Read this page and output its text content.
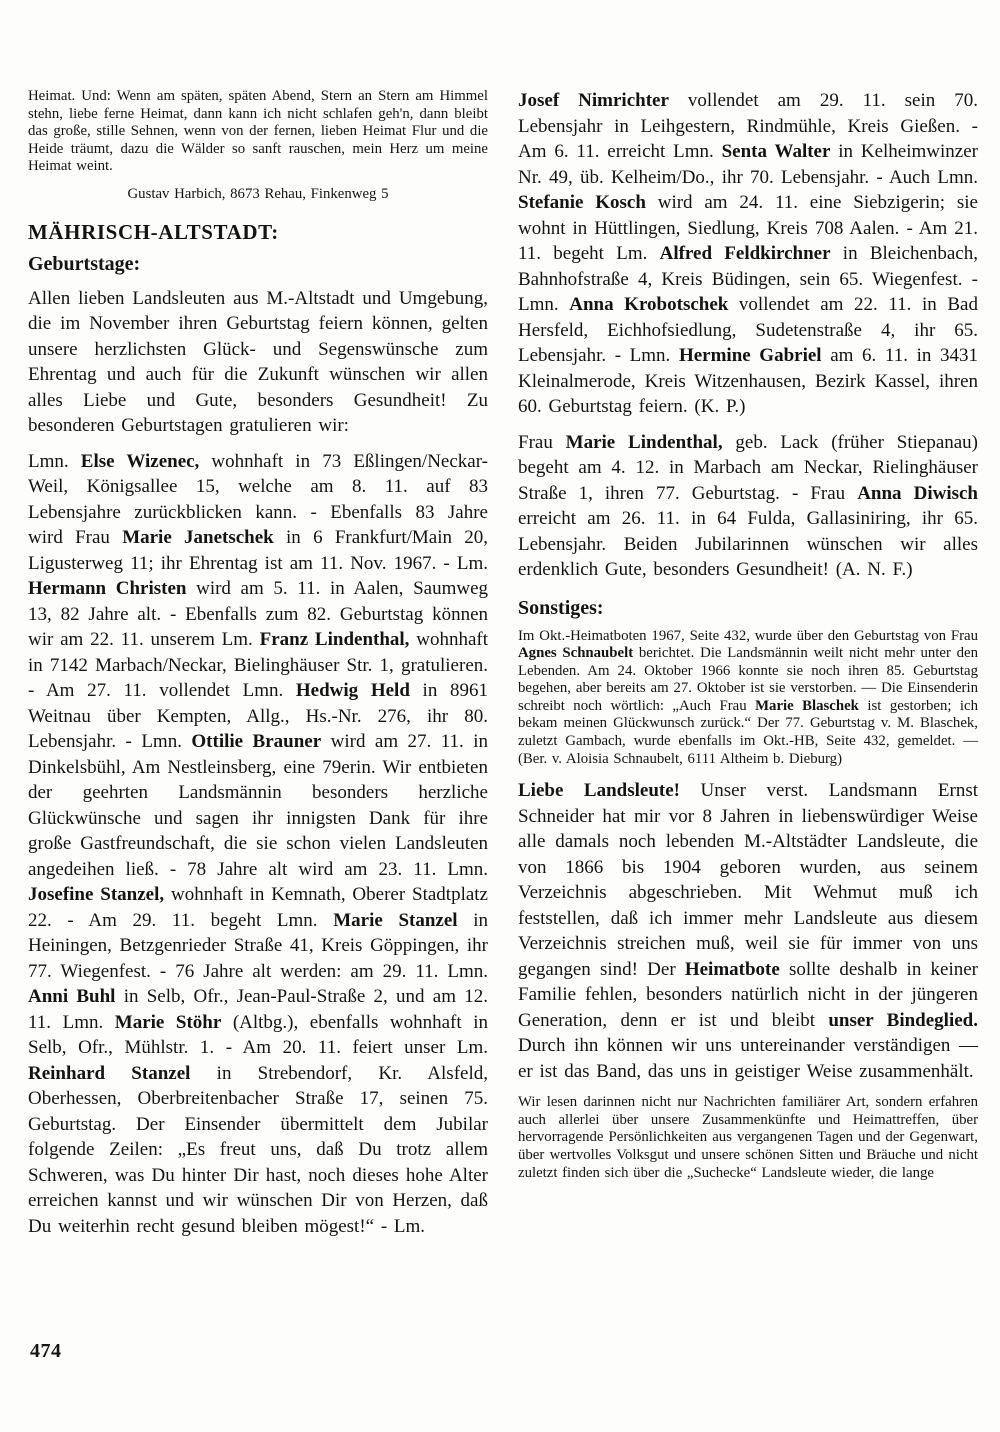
Heimat. Und: Wenn am späten, späten Abend, Stern an Stern am Himmel stehn, liebe ferne Heimat, dann kann ich nicht schlafen geh'n, dann bleibt das große, stille Sehnen, wenn von der fernen, lieben Heimat Flur und die Heide träumt, dazu die Wälder so sanft rauschen, mein Herz um meine Heimat weint.

Gustav Harbich, 8673 Rehau, Finkenweg 5

MÄHRISCH-ALTSTADT:
Geburtstage:

Allen lieben Landsleuten aus M.-Altstadt und Umgebung, die im November ihren Geburtstag feiern können, gelten unsere herzlichsten Glück- und Segenswünsche zum Ehrentag und auch für die Zukunft wünschen wir allen alles Liebe und Gute, besonders Gesundheit! Zu besonderen Geburtstagen gratulieren wir:

Lmn. Else Wizenec, wohnhaft in 73 Eßlingen/Neckar-Weil, Königsallee 15, welche am 8. 11. auf 83 Lebensjahre zurückblicken kann. - Ebenfalls 83 Jahre wird Frau Marie Janetschek in 6 Frankfurt/Main 20, Ligusterweg 11; ihr Ehrentag ist am 11. Nov. 1967. - Lm. Hermann Christen wird am 5. 11. in Aalen, Saumweg 13, 82 Jahre alt. - Ebenfalls zum 82. Geburtstag können wir am 22. 11. unserem Lm. Franz Lindenthal, wohnhaft in 7142 Marbach/Neckar, Bielinghäuser Str. 1, gratulieren. - Am 27. 11. vollendet Lmn. Hedwig Held in 8961 Weitnau über Kempten, Allg., Hs.-Nr. 276, ihr 80. Lebensjahr. - Lmn. Ottilie Brauner wird am 27. 11. in Dinkelsbühl, Am Nestleinsberg, eine 79erin. Wir entbieten der geehrten Landsmännin besonders herzliche Glückwünsche und sagen ihr innigsten Dank für ihre große Gastfreundschaft, die sie schon vielen Landsleuten angedeihen ließ. - 78 Jahre alt wird am 23. 11. Lmn. Josefine Stanzel, wohnhaft in Kemnath, Oberer Stadtplatz 22. - Am 29. 11. begeht Lmn. Marie Stanzel in Heiningen, Betzgenrieder Straße 41, Kreis Göppingen, ihr 77. Wiegenfest. - 76 Jahre alt werden: am 29. 11. Lmn. Anni Buhl in Selb, Ofr., Jean-Paul-Straße 2, und am 12. 11. Lmn. Marie Stöhr (Altbg.), ebenfalls wohnhaft in Selb, Ofr., Mühlstr. 1. - Am 20. 11. feiert unser Lm. Reinhard Stanzel in Strebendorf, Kr. Alsfeld, Oberhessen, Oberbreitenbacher Straße 17, seinen 75. Geburtstag. Der Einsender übermittelt dem Jubilar folgende Zeilen: „Es freut uns, daß Du trotz allem Schweren, was Du hinter Dir hast, noch dieses hohe Alter erreichen kannst und wir wünschen Dir von Herzen, daß Du weiterhin recht gesund bleiben mögest!“ - Lm.

Josef Nimrichter vollendet am 29. 11. sein 70. Lebensjahr in Leihgestern, Rindmühle, Kreis Gießen. - Am 6. 11. erreicht Lmn. Senta Walter in Kelheimwinzer Nr. 49, üb. Kelheim/Do., ihr 70. Lebensjahr. - Auch Lmn. Stefanie Kosch wird am 24. 11. eine Siebzigerin; sie wohnt in Hüttlingen, Siedlung, Kreis 708 Aalen. - Am 21. 11. begeht Lm. Alfred Feldkirchner in Bleichenbach, Bahnhofstraße 4, Kreis Büdingen, sein 65. Wiegenfest. - Lmn. Anna Krobotschek vollendet am 22. 11. in Bad Hersfeld, Eichhofsiedlung, Sudetenstraße 4, ihr 65. Lebensjahr. - Lmn. Hermine Gabriel am 6. 11. in 3431 Kleinalmerode, Kreis Witzenhausen, Bezirk Kassel, ihren 60. Geburtstag feiern. (K. P.)

Frau Marie Lindenthal, geb. Lack (früher Stiepanau) begeht am 4. 12. in Marbach am Neckar, Rielinghäuser Straße 1, ihren 77. Geburtstag. - Frau Anna Diwisch erreicht am 26. 11. in 64 Fulda, Gallasiniring, ihr 65. Lebensjahr. Beiden Jubilarinnen wünschen wir alles erdenklich Gute, besonders Gesundheit! (A. N. F.)

Sonstiges:

Im Okt.-Heimatboten 1967, Seite 432, wurde über den Geburtstag von Frau Agnes Schnaubelt berichtet. Die Landsmännin weilt nicht mehr unter den Lebenden. Am 24. Oktober 1966 konnte sie noch ihren 85. Geburtstag begehen, aber bereits am 27. Oktober ist sie verstorben. — Die Einsenderin schreibt noch wörtlich: „Auch Frau Marie Blaschek ist gestorben; ich bekam meinen Glückwunsch zurück.“ Der 77. Geburtstag v. M. Blaschek, zuletzt Gambach, wurde ebenfalls im Okt.-HB, Seite 432, gemeldet. — (Ber. v. Aloisia Schnaubelt, 6111 Altheim b. Dieburg)

Liebe Landsleute! Unser verst. Landsmann Ernst Schneider hat mir vor 8 Jahren in liebenswürdiger Weise alle damals noch lebenden M.-Altstädter Landsleute, die von 1866 bis 1904 geboren wurden, aus seinem Verzeichnis abgeschrieben. Mit Wehmut muß ich feststellen, daß ich immer mehr Landsleute aus diesem Verzeichnis streichen muß, weil sie für immer von uns gegangen sind! Der Heimatbote sollte deshalb in keiner Familie fehlen, besonders natürlich nicht in der jüngeren Generation, denn er ist und bleibt unser Bindeglied. Durch ihn können wir uns untereinander verständigen — er ist das Band, das uns in geistiger Weise zusammenhält.

Wir lesen darinnen nicht nur Nachrichten familiärer Art, sondern erfahren auch allerlei über unsere Zusammenkünfte und Heimattreffen, über hervorragende Persönlichkeiten aus vergangenen Tagen und der Gegenwart, über wertvolles Volksgut und unsere schönen Sitten und Bräuche und nicht zuletzt finden sich über die „Suchecke“ Landsleute wieder, die lange

474
